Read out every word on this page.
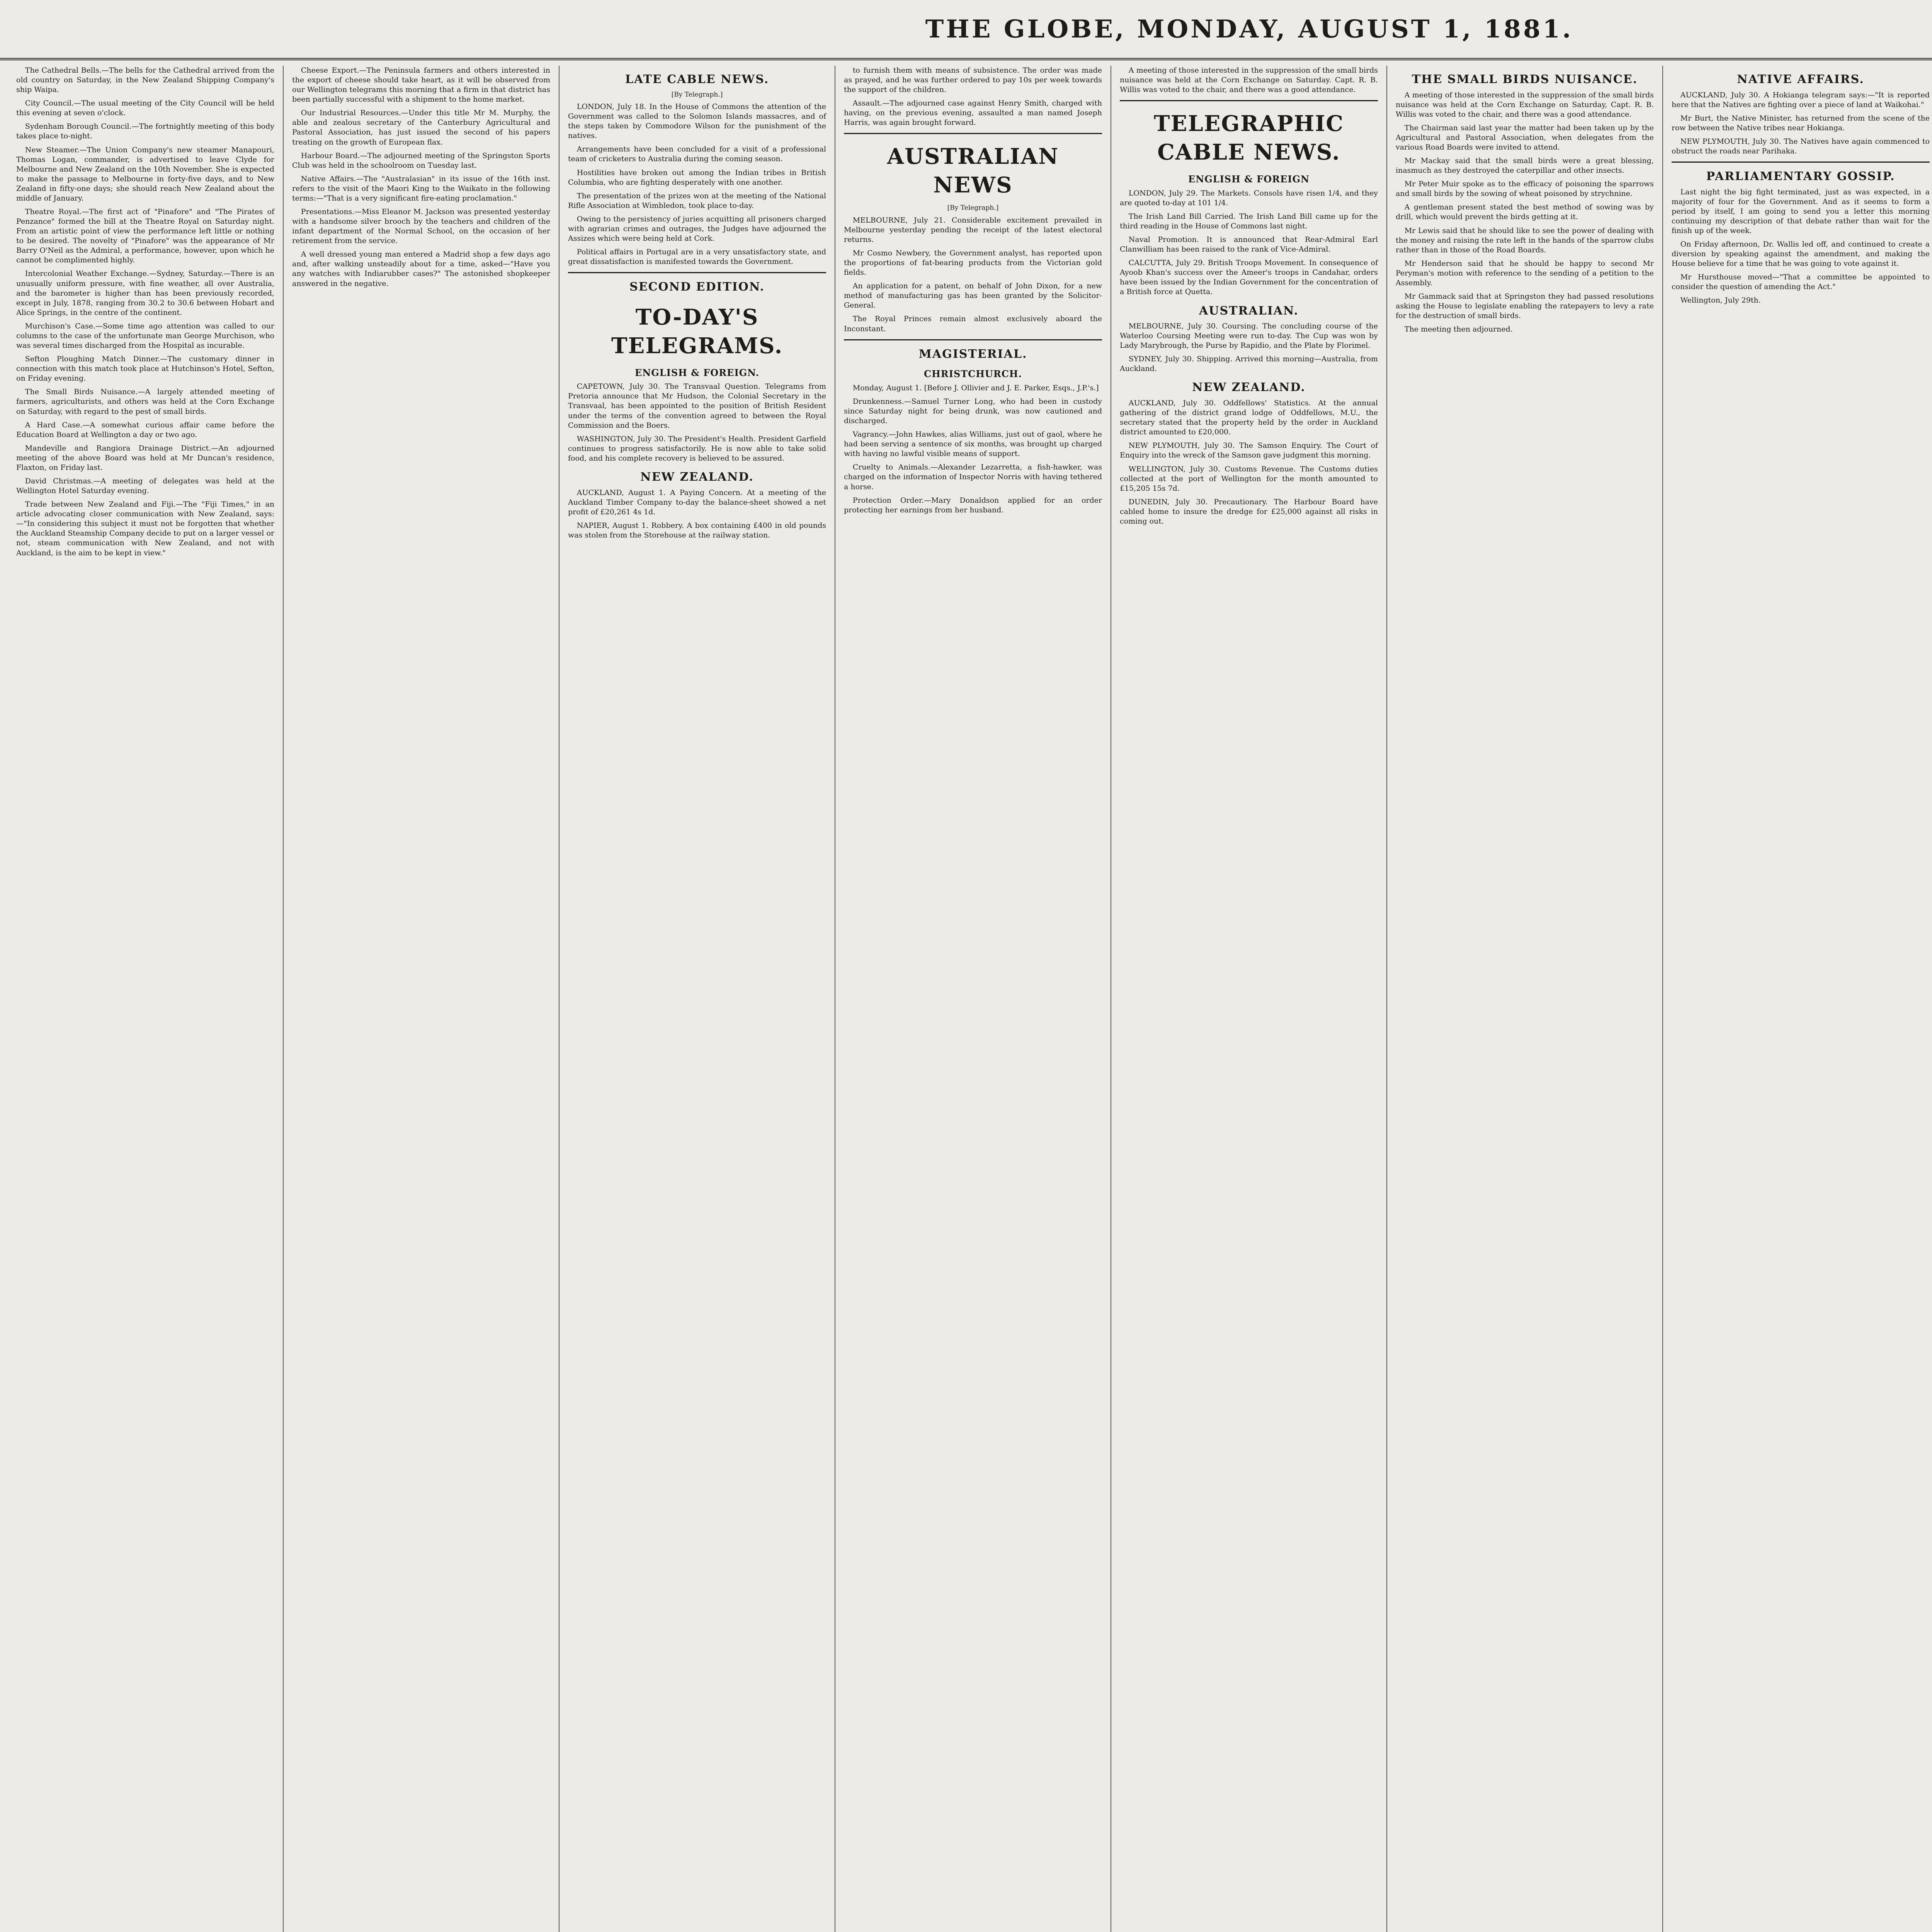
THE GLOBE, MONDAY, AUGUST 1, 1881.

The Cathedral Bells.—The bells for the Cathedral arrived from the old country on Saturday, in the New Zealand Shipping Company's ship Waipa.

City Council.—The usual meeting of the City Council will be held this evening at seven o'clock.

Sydenham Borough Council.—The fortnightly meeting of this body takes place to-night.

New Steamer.—The Union Company's new steamer Manapouri, Thomas Logan, commander, is advertised to leave Clyde for Melbourne and New Zealand on the 10th November. She is expected to make the passage to Melbourne in forty-five days, and to New Zealand in fifty-one days; she should reach New Zealand about the middle of January.

Theatre Royal.—The first act of "Pinafore" and "The Pirates of Penzance" formed the bill at the Theatre Royal on Saturday night. From an artistic point of view the performance left little or nothing to be desired. The novelty of "Pinafore" was the appearance of Mr Barry O'Neil as the Admiral, a performance, however, upon which he cannot be complimented highly.

Intercolonial Weather Exchange.—Sydney, Saturday.—There is an unusually uniform pressure, with fine weather, all over Australia, and the barometer is higher than has been previously recorded, except in July, 1878, ranging from 30.2 to 30.6 between Hobart and Alice Springs, in the centre of the continent.

Murchison's Case.—Some time ago attention was called to our columns to the case of the unfortunate man George Murchison, who was several times discharged from the Hospital as incurable.

Sefton Ploughing Match Dinner.—The customary dinner in connection with this match took place at Hutchinson's Hotel, Sefton, on Friday evening.

The Small Birds Nuisance.—A largely attended meeting of farmers, agriculturists, and others was held at the Corn Exchange on Saturday, with regard to the pest of small birds.

A Hard Case.—A somewhat curious affair came before the Education Board at Wellington a day or two ago.

Mandeville and Rangiora Drainage District.—An adjourned meeting of the above Board was held at Mr Duncan's residence, Flaxton, on Friday last.

David Christmas.—A meeting of delegates was held at the Wellington Hotel Saturday evening.

Trade between New Zealand and Fiji.—The "Fiji Times," in an article advocating closer communication with New Zealand, says:—"In considering this subject it must not be forgotten that whether the Auckland Steamship Company decide to put on a larger vessel or not, steam communication with New Zealand, and not with Auckland, is the aim to be kept in view."

Cheese Export.—The Peninsula farmers and others interested in the export of cheese should take heart, as it will be observed from our Wellington telegrams this morning that a firm in that district has been partially successful with a shipment to the home market.

Our Industrial Resources.—Under this title Mr M. Murphy, the able and zealous secretary of the Canterbury Agricultural and Pastoral Association, has just issued the second of his papers treating on the growth of European flax.

Harbour Board.—The adjourned meeting of the Springston Sports Club was held in the schoolroom on Tuesday last.

Native Affairs.—The "Australasian" in its issue of the 16th inst. refers to the visit of the Maori King to the Waikato in the following terms:—"That is a very significant fire-eating proclamation."

Presentations.—Miss Eleanor M. Jackson was presented yesterday with a handsome silver brooch by the teachers and children of the infant department of the Normal School, on the occasion of her retirement from the service.

A well dressed young man entered a Madrid shop a few days ago and, after walking unsteadily about for a time, asked—"Have you any watches with Indiarubber cases?" The astonished shopkeeper answered in the negative.

LATE CABLE NEWS.
[By Telegraph.]

LONDON, July 18. In the House of Commons the attention of the Government was called to the Solomon Islands massacres, and of the steps taken by Commodore Wilson for the punishment of the natives.

Arrangements have been concluded for a visit of a professional team of cricketers to Australia during the coming season.

Hostilities have broken out among the Indian tribes in British Columbia, who are fighting desperately with one another.

The presentation of the prizes won at the meeting of the National Rifle Association at Wimbledon, took place to-day.

Owing to the persistency of juries acquitting all prisoners charged with agrarian crimes and outrages, the Judges have adjourned the Assizes which were being held at Cork.

Political affairs in Portugal are in a very unsatisfactory state, and great dissatisfaction is manifested towards the Government.

SECOND EDITION.
TO-DAY'S TELEGRAMS.
ENGLISH & FOREIGN.

CAPETOWN, July 30. The Transvaal Question. Telegrams from Pretoria announce that Mr Hudson, the Colonial Secretary in the Transvaal, has been appointed to the position of British Resident under the terms of the convention agreed to between the Royal Commission and the Boers.

WASHINGTON, July 30. The President's Health. President Garfield continues to progress satisfactorily. He is now able to take solid food, and his complete recovery is believed to be assured.

NEW ZEALAND.

AUCKLAND, August 1. A Paying Concern. At a meeting of the Auckland Timber Company to-day the balance-sheet showed a net profit of £20,261 4s 1d.

NAPIER, August 1. Robbery. A box containing £400 in old pounds was stolen from the Storehouse at the railway station.

to furnish them with means of subsistence. The order was made as prayed, and he was further ordered to pay 10s per week towards the support of the children.

Assault.—The adjourned case against Henry Smith, charged with having, on the previous evening, assaulted a man named Joseph Harris, was again brought forward.

AUSTRALIAN NEWS
[By Telegraph.]

MELBOURNE, July 21. Considerable excitement prevailed in Melbourne yesterday pending the receipt of the latest electoral returns.

Mr Cosmo Newbery, the Government analyst, has reported upon the proportions of fat-bearing products from the Victorian gold fields.

An application for a patent, on behalf of John Dixon, for a new method of manufacturing gas has been granted by the Solicitor-General.

The Royal Princes remain almost exclusively aboard the Inconstant.

MAGISTERIAL.
CHRISTCHURCH.

Monday, August 1. [Before J. Ollivier and J. E. Parker, Esqs., J.P.'s.]

Drunkenness.—Samuel Turner Long, who had been in custody since Saturday night for being drunk, was now cautioned and discharged.

Vagrancy.—John Hawkes, alias Williams, just out of gaol, where he had been serving a sentence of six months, was brought up charged with having no lawful visible means of support.

Cruelty to Animals.—Alexander Lezarretta, a fish-hawker, was charged on the information of Inspector Norris with having tethered a horse.

Protection Order.—Mary Donaldson applied for an order protecting her earnings from her husband.

A meeting of those interested in the suppression of the small birds nuisance was held at the Corn Exchange on Saturday. Capt. R. B. Willis was voted to the chair, and there was a good attendance.

TELEGRAPHIC CABLE NEWS.
ENGLISH & FOREIGN

LONDON, July 29. The Markets. Consols have risen 1/4, and they are quoted to-day at 101 1/4.

The Irish Land Bill Carried. The Irish Land Bill came up for the third reading in the House of Commons last night.

Naval Promotion. It is announced that Rear-Admiral Earl Clanwilliam has been raised to the rank of Vice-Admiral.

CALCUTTA, July 29. British Troops Movement. In consequence of Ayoob Khan's success over the Ameer's troops in Candahar, orders have been issued by the Indian Government for the concentration of a British force at Quetta.

AUSTRALIAN.

MELBOURNE, July 30. Coursing. The concluding course of the Waterloo Coursing Meeting were run to-day. The Cup was won by Lady Marybrough, the Purse by Rapidio, and the Plate by Florimel.

SYDNEY, July 30. Shipping. Arrived this morning—Australia, from Auckland.

NEW ZEALAND.

AUCKLAND, July 30. Oddfellows' Statistics. At the annual gathering of the district grand lodge of Oddfellows, M.U., the secretary stated that the property held by the order in Auckland district amounted to £20,000.

NEW PLYMOUTH, July 30. The Samson Enquiry. The Court of Enquiry into the wreck of the Samson gave judgment this morning.

WELLINGTON, July 30. Customs Revenue. The Customs duties collected at the port of Wellington for the month amounted to £15,205 15s 7d.

DUNEDIN, July 30. Precautionary. The Harbour Board have cabled home to insure the dredge for £25,000 against all risks in coming out.

THE SMALL BIRDS NUISANCE.

A meeting of those interested in the suppression of the small birds nuisance was held at the Corn Exchange on Saturday, Capt. R. B. Willis was voted to the chair, and there was a good attendance.

The Chairman said last year the matter had been taken up by the Agricultural and Pastoral Association, when delegates from the various Road Boards were invited to attend.

Mr Mackay said that the small birds were a great blessing, inasmuch as they destroyed the caterpillar and other insects.

Mr Peter Muir spoke as to the efficacy of poisoning the sparrows and small birds by the sowing of wheat poisoned by strychnine.

A gentleman present stated the best method of sowing was by drill, which would prevent the birds getting at it.

Mr Lewis said that he should like to see the power of dealing with the money and raising the rate left in the hands of the sparrow clubs rather than in those of the Road Boards.

Mr Henderson said that he should be happy to second Mr Peryman's motion with reference to the sending of a petition to the Assembly.

Mr Gammack said that at Springston they had passed resolutions asking the House to legislate enabling the ratepayers to levy a rate for the destruction of small birds.

The meeting then adjourned.

NATIVE AFFAIRS.

AUCKLAND, July 30. A Hokianga telegram says:—"It is reported here that the Natives are fighting over a piece of land at Waikohai."

Mr Burt, the Native Minister, has returned from the scene of the row between the Native tribes near Hokianga.

NEW PLYMOUTH, July 30. The Natives have again commenced to obstruct the roads near Parihaka.

PARLIAMENTARY GOSSIP.

Last night the big fight terminated, just as was expected, in a majority of four for the Government. And as it seems to form a period by itself, I am going to send you a letter this morning continuing my description of that debate rather than wait for the finish up of the week.

On Friday afternoon, Dr. Wallis led off, and continued to create a diversion by speaking against the amendment, and making the House believe for a time that he was going to vote against it.

Mr Hursthouse moved—"That a committee be appointed to consider the question of amending the Act."

Wellington, July 29th.
